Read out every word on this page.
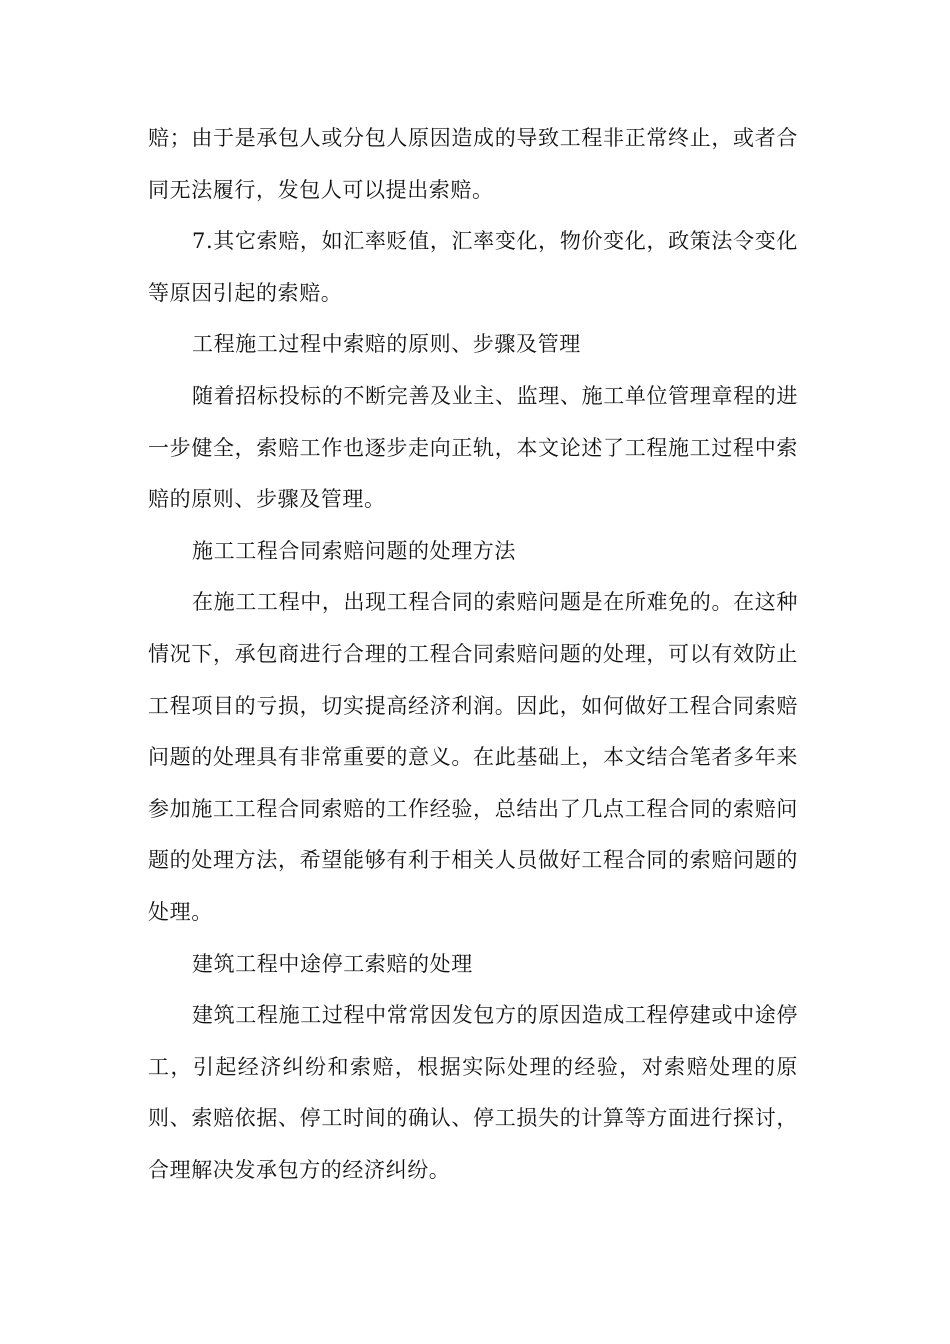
赔；由于是承包人或分包人原因造成的导致工程非正常终止，或者合同无法履行，发包人可以提出索赔。

7.其它索赔，如汇率贬值，汇率变化，物价变化，政策法令变化等原因引起的索赔。

工程施工过程中索赔的原则、步骤及管理

随着招标投标的不断完善及业主、监理、施工单位管理章程的进一步健全，索赔工作也逐步走向正轨，本文论述了工程施工过程中索赔的原则、步骤及管理。

施工工程合同索赔问题的处理方法

在施工工程中，出现工程合同的索赔问题是在所难免的。在这种情况下，承包商进行合理的工程合同索赔问题的处理，可以有效防止工程项目的亏损，切实提高经济利润。因此，如何做好工程合同索赔问题的处理具有非常重要的意义。在此基础上，本文结合笔者多年来参加施工工程合同索赔的工作经验，总结出了几点工程合同的索赔问题的处理方法，希望能够有利于相关人员做好工程合同的索赔问题的处理。

建筑工程中途停工索赔的处理

建筑工程施工过程中常常因发包方的原因造成工程停建或中途停工，引起经济纠纷和索赔，根据实际处理的经验，对索赔处理的原则、索赔依据、停工时间的确认、停工损失的计算等方面进行探讨，合理解决发承包方的经济纠纷。
